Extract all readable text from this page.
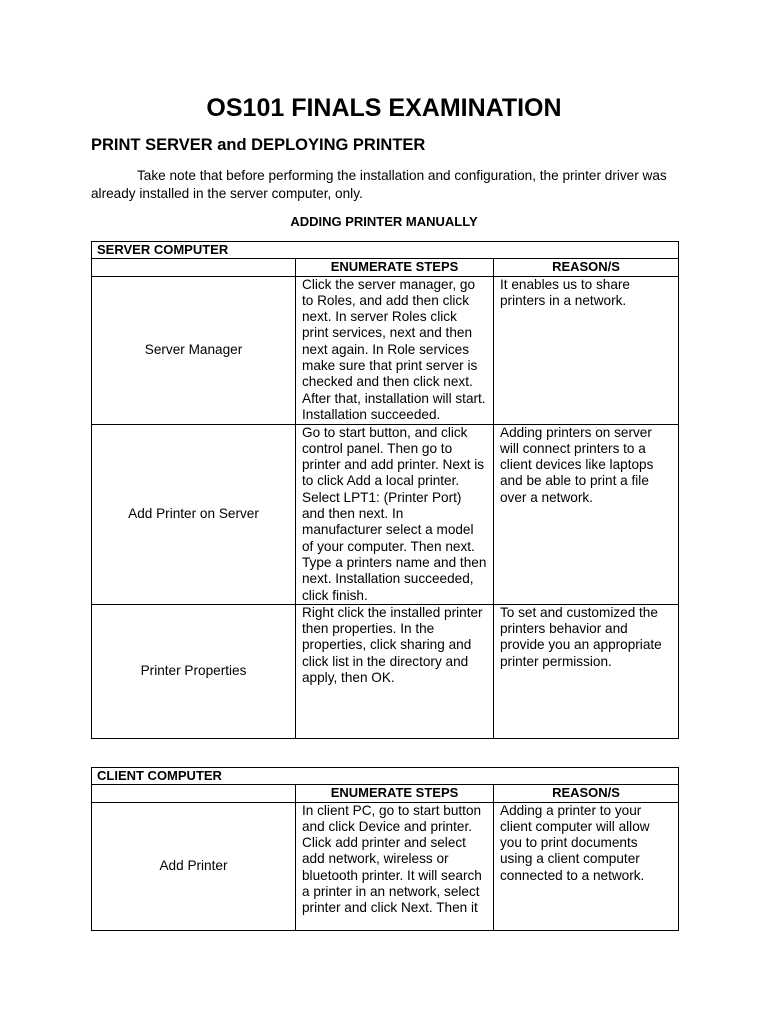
OS101 FINALS EXAMINATION
PRINT SERVER and DEPLOYING PRINTER

Take note that before performing the installation and configuration, the printer driver was already installed in the server computer, only.

ADDING PRINTER MANUALLY
SERVER COMPUTER		
	ENUMERATE STEPS	REASON/S
Server Manager	Click the server manager, go to Roles, and add then click next. In server Roles click print services, next and then next again. In Role services make sure that print server is checked and then click next. After that, installation will start. Installation succeeded.	It enables us to share printers in a network.
Add Printer on Server	Go to start button, and click control panel. Then go to printer and add printer. Next is to click Add a local printer. Select LPT1: (Printer Port) and then next. In manufacturer select a model of your computer. Then next. Type a printers name and then next. Installation succeeded, click finish.	Adding printers on server will connect printers to a client devices like laptops and be able to print a file over a network.
Printer Properties	Right click the installed printer then properties. In the properties, click sharing and click list in the directory and apply, then OK.	To set and customized the printers behavior and provide you an appropriate printer permission.
CLIENT COMPUTER		
	ENUMERATE STEPS	REASON/S
Add Printer	In client PC, go to start button and click Device and printer. Click add printer and select add network, wireless or bluetooth printer. It will search a printer in an network, select printer and click Next. Then it	Adding a printer to your client computer will allow you to print documents using a client computer connected to a network.
